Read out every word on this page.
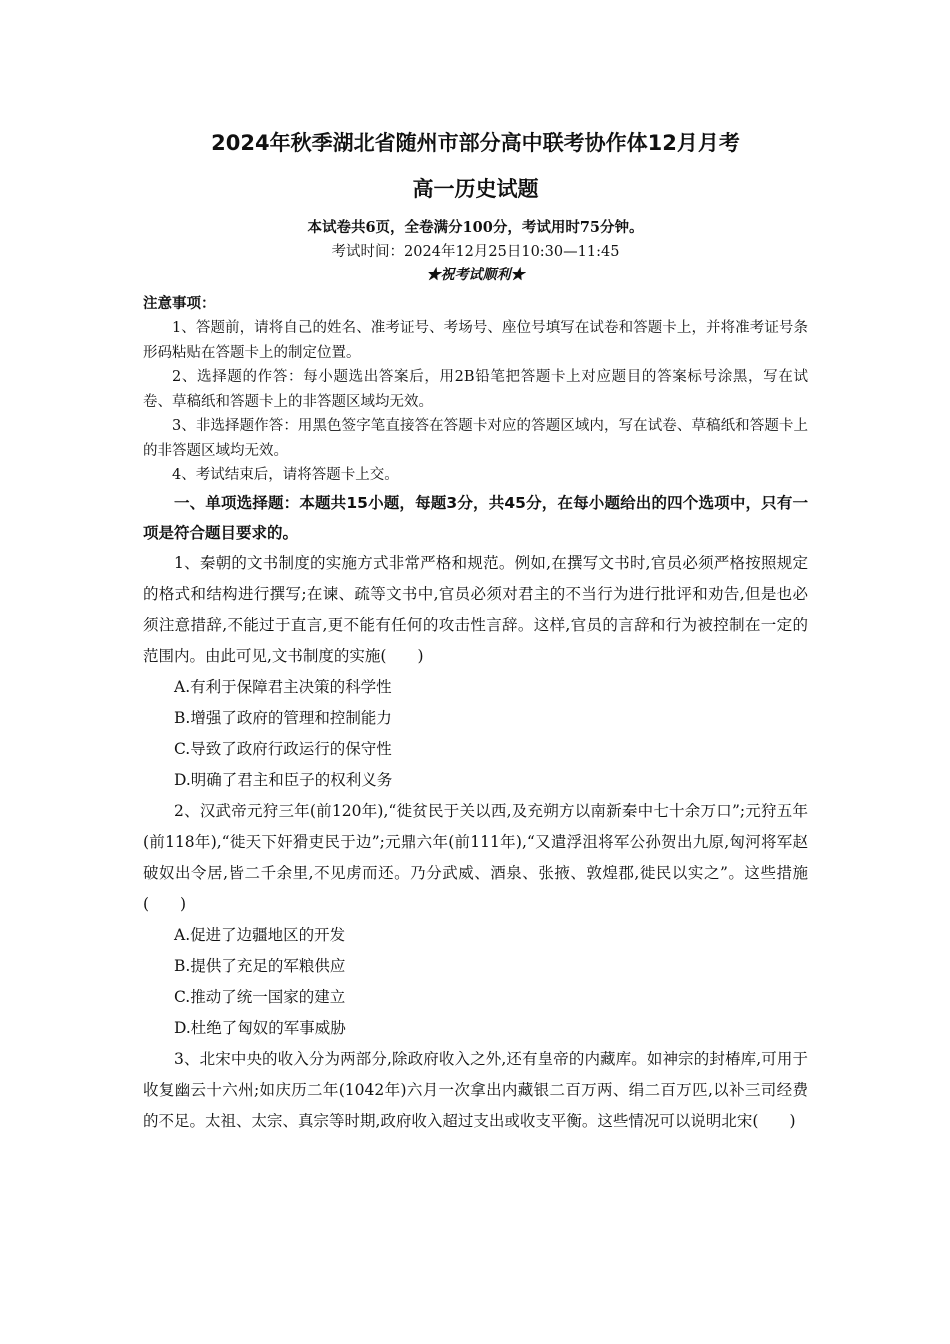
2024年秋季湖北省随州市部分高中联考协作体12月月考
高一历史试题
本试卷共6页，全卷满分100分，考试用时75分钟。
考试时间：2024年12月25日10:30—11:45
★祝考试顺利★
注意事项：
1、答题前，请将自己的姓名、准考证号、考场号、座位号填写在试卷和答题卡上，并将准考证号条形码粘贴在答题卡上的制定位置。
2、选择题的作答：每小题选出答案后，用2B铅笔把答题卡上对应题目的答案标号涂黑，写在试卷、草稿纸和答题卡上的非答题区域均无效。
3、非选择题作答：用黑色签字笔直接答在答题卡对应的答题区域内，写在试卷、草稿纸和答题卡上的非答题区域均无效。
4、考试结束后，请将答题卡上交。
一、单项选择题：本题共15小题，每题3分，共45分，在每小题给出的四个选项中，只有一项是符合题目要求的。
1、秦朝的文书制度的实施方式非常严格和规范。例如,在撰写文书时,官员必须严格按照规定的格式和结构进行撰写;在谏、疏等文书中,官员必须对君主的不当行为进行批评和劝告,但是也必须注意措辞,不能过于直言,更不能有任何的攻击性言辞。这样,官员的言辞和行为被控制在一定的范围内。由此可见,文书制度的实施(　　)
A.有利于保障君主决策的科学性
B.增强了政府的管理和控制能力
C.导致了政府行政运行的保守性
D.明确了君主和臣子的权利义务
2、汉武帝元狩三年(前120年),“徙贫民于关以西,及充朔方以南新秦中七十余万口”;元狩五年(前118年),“徙天下奸猾吏民于边”;元鼎六年(前111年),“又遣浮沮将军公孙贺出九原,匈河将军赵破奴出令居,皆二千余里,不见虏而还。乃分武威、酒泉、张掖、敦煌郡,徙民以实之”。这些措施(　　)
A.促进了边疆地区的开发
B.提供了充足的军粮供应
C.推动了统一国家的建立
D.杜绝了匈奴的军事威胁
3、北宋中央的收入分为两部分,除政府收入之外,还有皇帝的内藏库。如神宗的封椿库,可用于收复幽云十六州;如庆历二年(1042年)六月一次拿出内藏银二百万两、绢二百万匹,以补三司经费的不足。太祖、太宗、真宗等时期,政府收入超过支出或收支平衡。这些情况可以说明北宋(　　)
